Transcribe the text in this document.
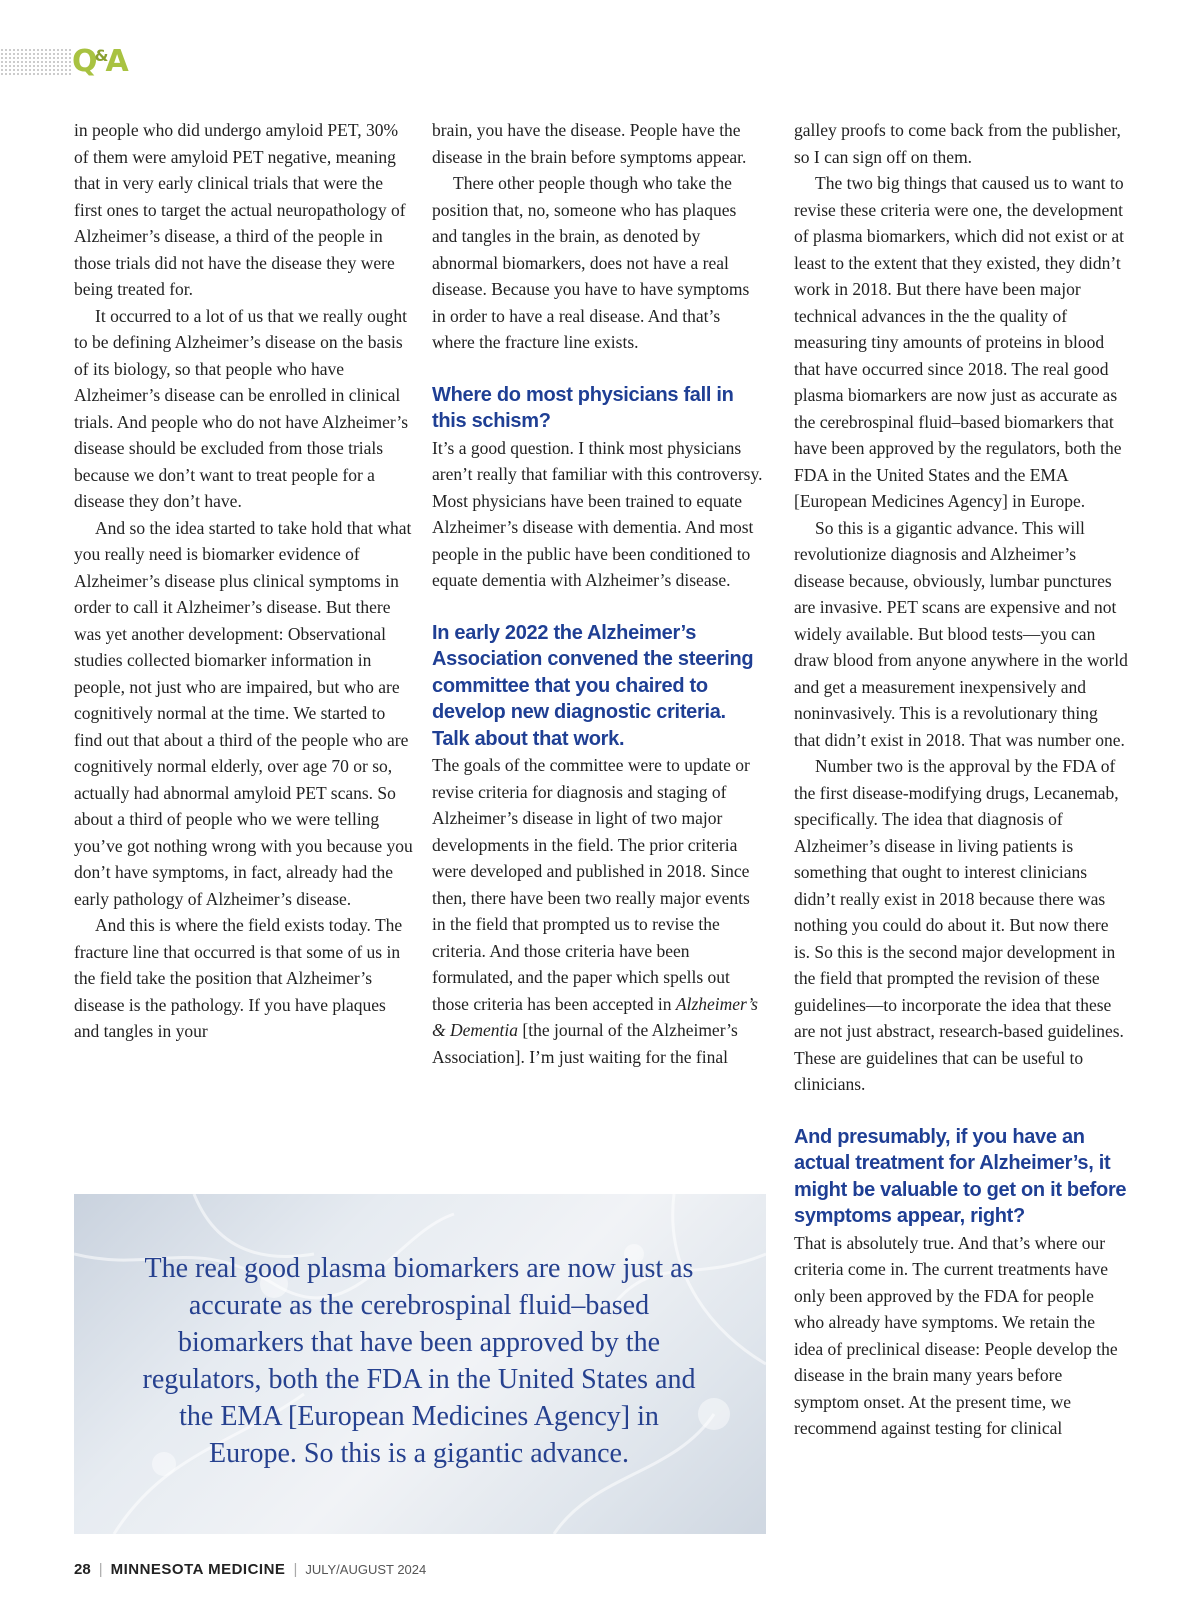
Q&A

in people who did undergo amyloid PET, 30% of them were amyloid PET negative, meaning that in very early clinical trials that were the first ones to target the actual neuropathology of Alzheimer’s disease, a third of the people in those trials did not have the disease they were being treated for.

It occurred to a lot of us that we really ought to be defining Alzheimer’s disease on the basis of its biology, so that people who have Alzheimer’s disease can be enrolled in clinical trials. And people who do not have Alzheimer’s disease should be excluded from those trials because we don’t want to treat people for a disease they don’t have.

And so the idea started to take hold that what you really need is biomarker evidence of Alzheimer’s disease plus clinical symptoms in order to call it Alzheimer’s disease. But there was yet another development: Observational studies collected biomarker information in people, not just who are impaired, but who are cognitively normal at the time. We started to find out that about a third of the people who are cognitively normal elderly, over age 70 or so, actually had abnormal amyloid PET scans. So about a third of people who we were telling you’ve got nothing wrong with you because you don’t have symptoms, in fact, already had the early pathology of Alzheimer’s disease.

And this is where the field exists today. The fracture line that occurred is that some of us in the field take the position that Alzheimer’s disease is the pathology. If you have plaques and tangles in your

brain, you have the disease. People have the disease in the brain before symptoms appear.

There other people though who take the position that, no, someone who has plaques and tangles in the brain, as denoted by abnormal biomarkers, does not have a real disease. Because you have to have symptoms in order to have a real disease. And that’s where the fracture line exists.

Where do most physicians fall in this schism?

It’s a good question. I think most physicians aren’t really that familiar with this controversy. Most physicians have been trained to equate Alzheimer’s disease with dementia. And most people in the public have been conditioned to equate dementia with Alzheimer’s disease.

In early 2022 the Alzheimer’s Association convened the steering committee that you chaired to develop new diagnostic criteria. Talk about that work.

The goals of the committee were to update or revise criteria for diagnosis and staging of Alzheimer’s disease in light of two major developments in the field. The prior criteria were developed and published in 2018. Since then, there have been two really major events in the field that prompted us to revise the criteria. And those criteria have been formulated, and the paper which spells out those criteria has been accepted in Alzheimer’s & Dementia [the journal of the Alzheimer’s Association]. I’m just waiting for the final

galley proofs to come back from the publisher, so I can sign off on them.

The two big things that caused us to want to revise these criteria were one, the development of plasma biomarkers, which did not exist or at least to the extent that they existed, they didn’t work in 2018. But there have been major technical advances in the the quality of measuring tiny amounts of proteins in blood that have occurred since 2018. The real good plasma biomarkers are now just as accurate as the cerebrospinal fluid–based biomarkers that have been approved by the regulators, both the FDA in the United States and the EMA [European Medicines Agency] in Europe.

So this is a gigantic advance. This will revolutionize diagnosis and Alzheimer’s disease because, obviously, lumbar punctures are invasive. PET scans are expensive and not widely available. But blood tests—you can draw blood from anyone anywhere in the world and get a measurement inexpensively and noninvasively. This is a revolutionary thing that didn’t exist in 2018. That was number one.

Number two is the approval by the FDA of the first disease-modifying drugs, Lecanemab, specifically. The idea that diagnosis of Alzheimer’s disease in living patients is something that ought to interest clinicians didn’t really exist in 2018 because there was nothing you could do about it. But now there is. So this is the second major development in the field that prompted the revision of these guidelines—to incorporate the idea that these are not just abstract, research-based guidelines. These are guidelines that can be useful to clinicians.

And presumably, if you have an actual treatment for Alzheimer’s, it might be valuable to get on it before symptoms appear, right?

That is absolutely true. And that’s where our criteria come in. The current treatments have only been approved by the FDA for people who already have symptoms. We retain the idea of preclinical disease: People develop the disease in the brain many years before symptom onset. At the present time, we recommend against testing for clinical

The real good plasma biomarkers are now just as accurate as the cerebrospinal fluid–based biomarkers that have been approved by the regulators, both the FDA in the United States and the EMA [European Medicines Agency] in Europe. So this is a gigantic advance.
28 | MINNESOTA MEDICINE | JULY/AUGUST 2024
